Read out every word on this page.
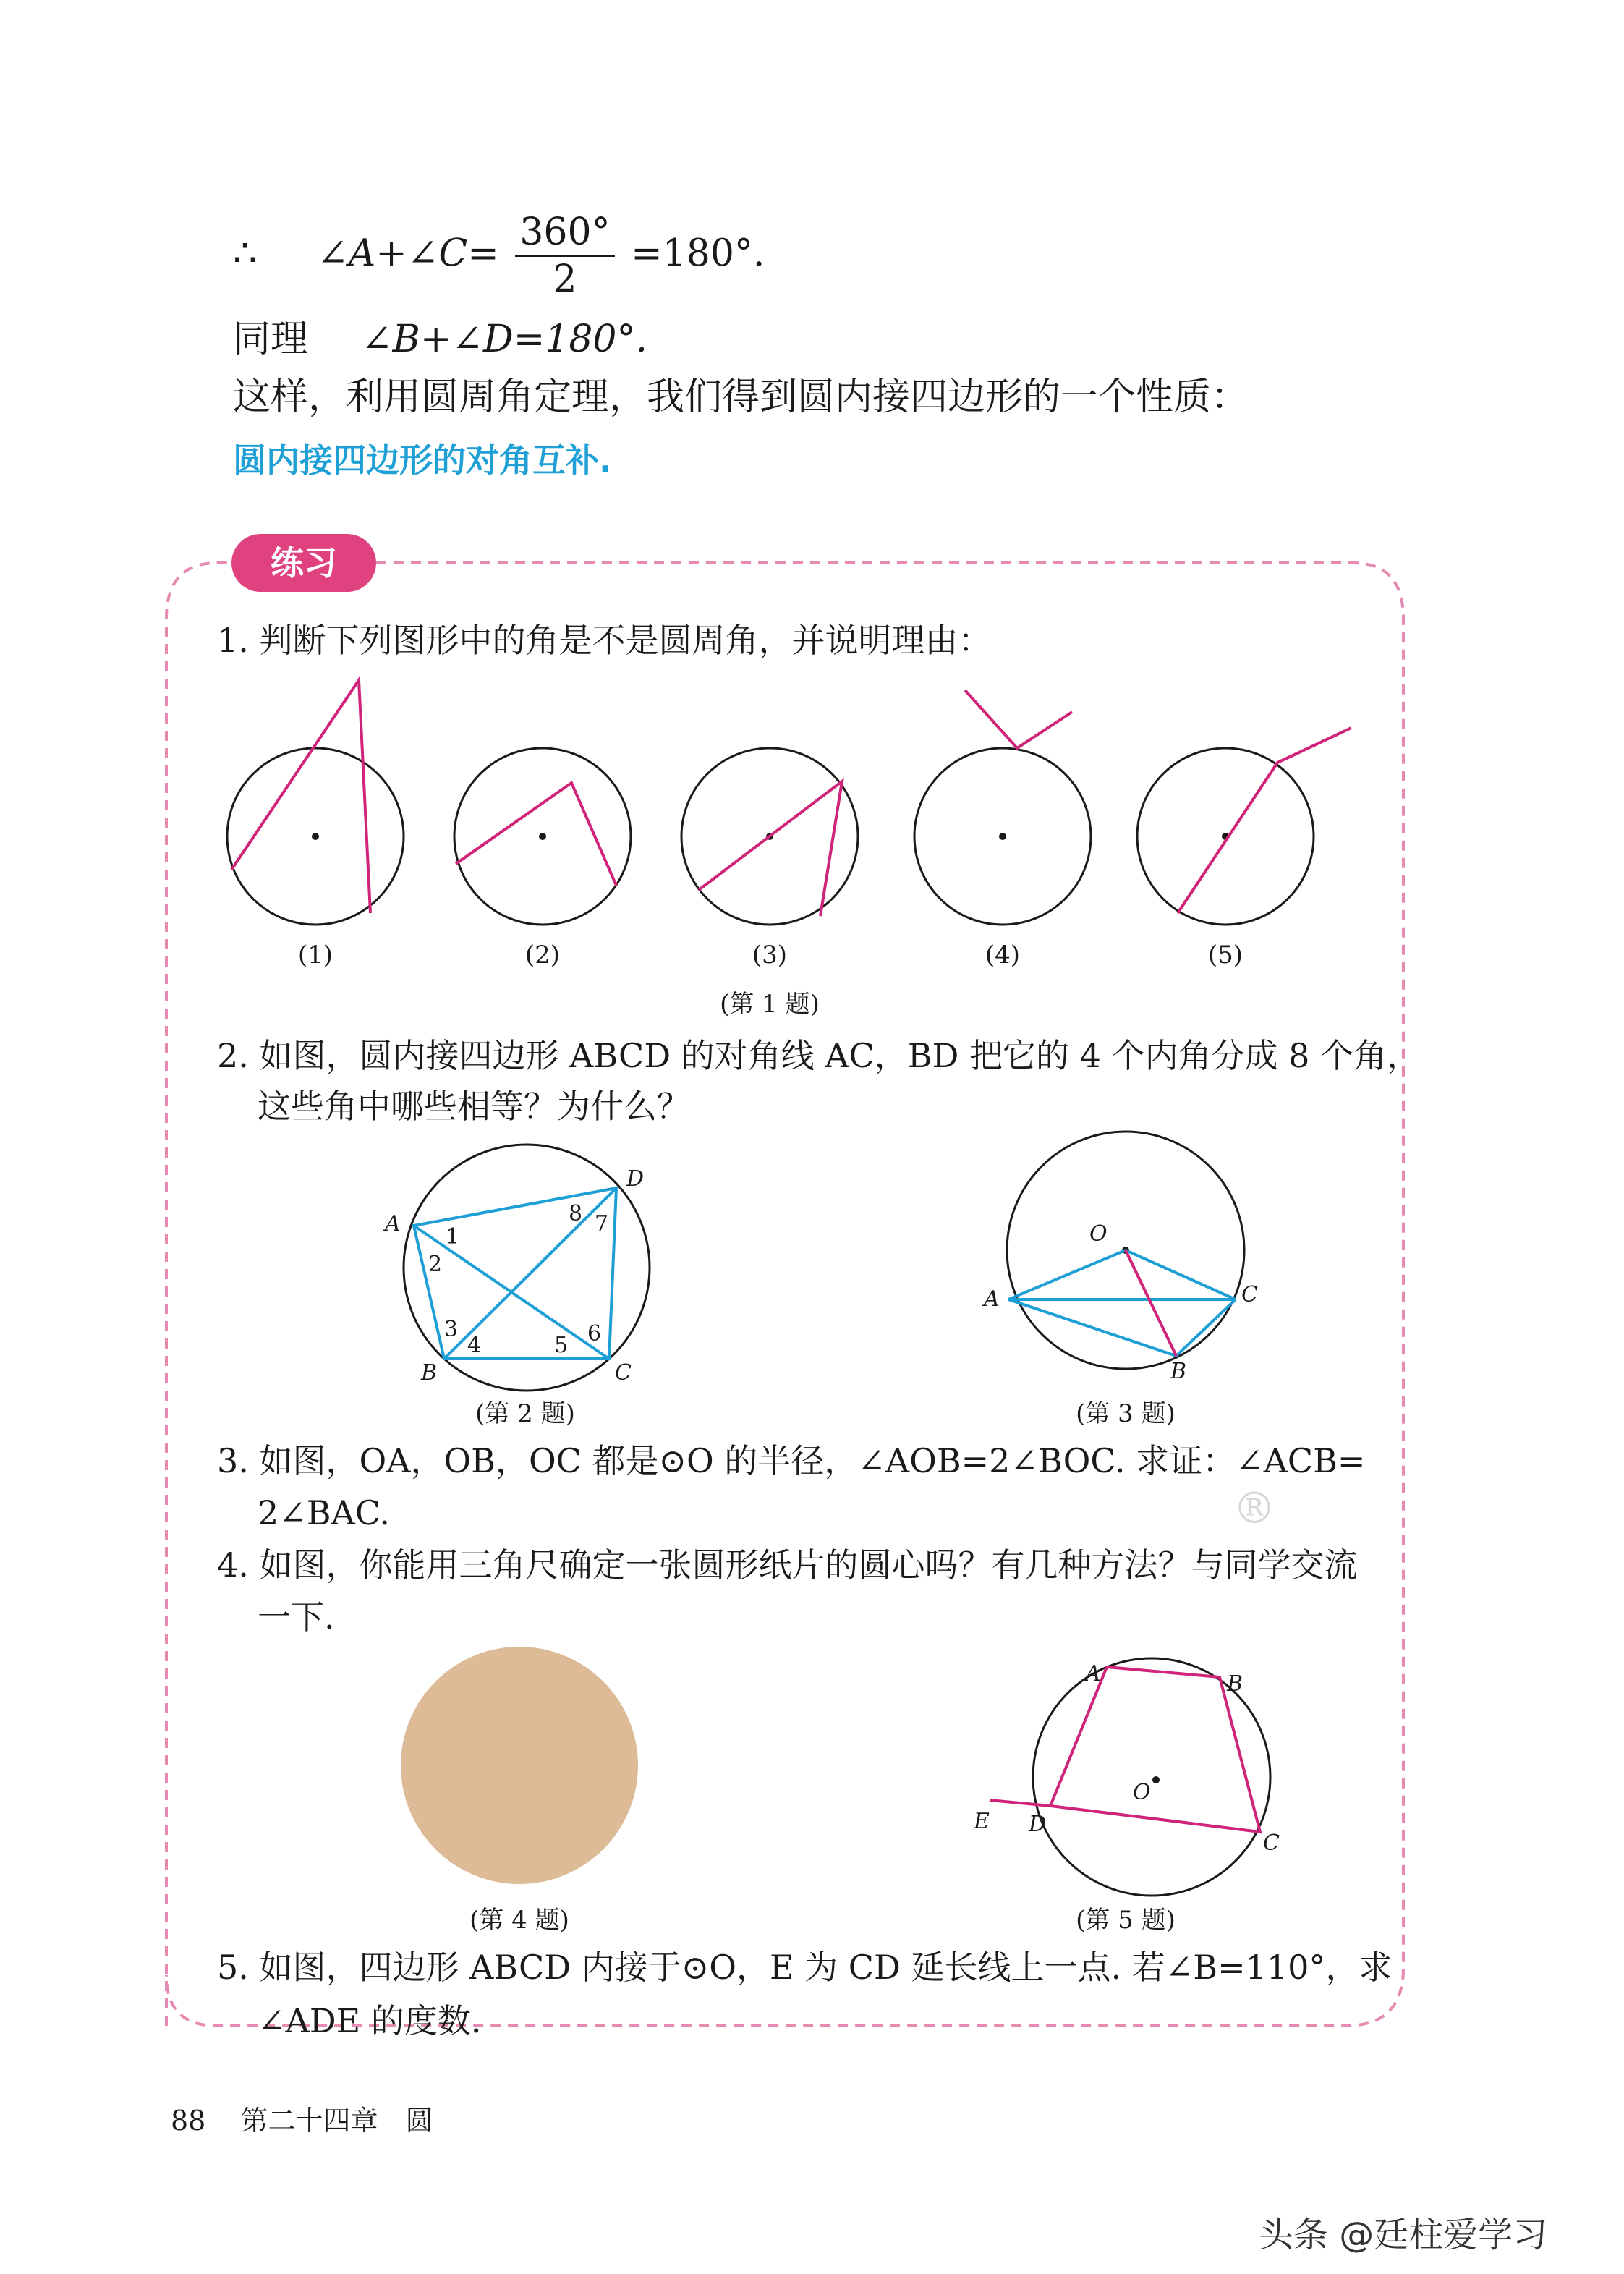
∴ ∠A+∠C= $\frac{360^\circ}{2} =180^\circ$.
同理 ∠B+∠D=180°.
这样，利用圆周角定理，我们得到圆内接四边形的一个性质：
圆内接四边形的对角互补.
练习
1. 判断下列图形中的角是不是圆周角，并说明理由：
(1)	(2)	(3)	(4)	(5)
(第 1 题)
2. 如图，圆内接四边形 ABCD 的对角线 AC，BD 把它的 4 个内角分成 8 个角，
这些角中哪些相等？为什么？
A
B	C
D
1
2
3
4	5 6
7
8
(第 2 题)
O
A
B
C
(第 3 题)
3. 如图，OA，OB，OC 都是⊙O 的半径，∠AOB=2∠BOC. 求证：∠ACB=
2∠BAC.
4. 如图，你能用三角尺确定一张圆形纸片的圆心吗？有几种方法？与同学交流
一下.
®
(第 4 题)
A	B
C
D
E
O
(第 5 题)
5. 如图，四边形 ABCD 内接于⊙O，E 为 CD 延长线上一点. 若∠B=110°，求
∠ADE 的度数.
88 第二十四章　圆
头条 @廷柱爱学习
